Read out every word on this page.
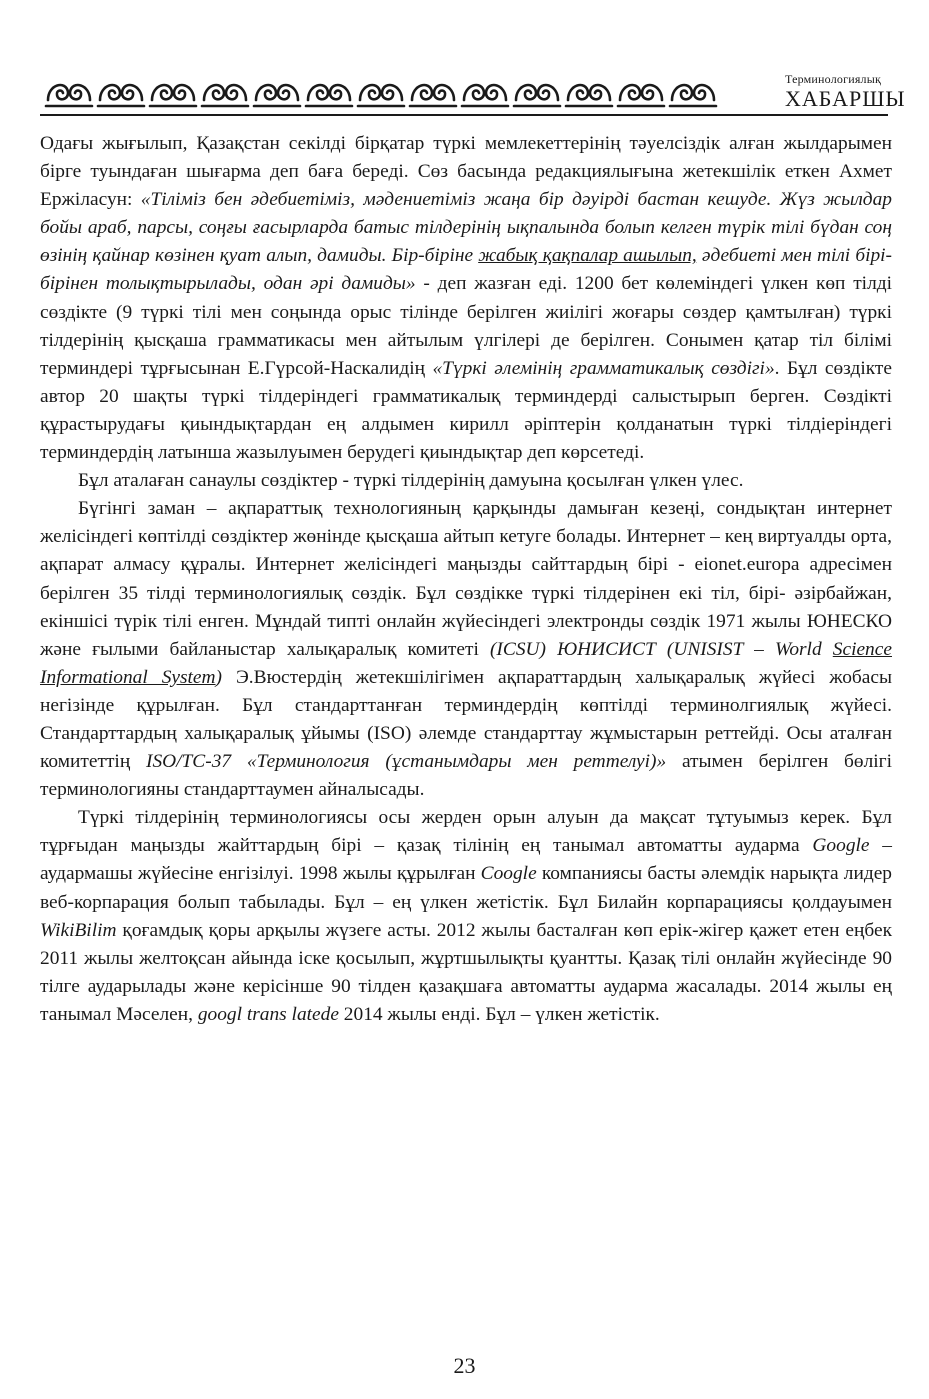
Терминологиялық
ХАБАРШЫ

Одағы жығылып, Қазақстан секілді бірқатар түркі мемлекеттерінің тәуелсіздік алған жылдарымен бірге туындаған шығарма деп баға береді. Сөз басында редакциялығына жетекшілік еткен Ахмет Ержіласун: «Тіліміз бен әдебиетіміз, мәдениетіміз жаңа бір дәуірді бастан кешуде. Жүз жылдар бойы араб, парсы, соңғы ғасырларда батыс тілдерінің ықпалында болып келген түрік тілі бүдан соң өзінің қайнар көзінен қуат алып, дамиды. Бір-біріне жабық қақпалар ашылып, әдебиеті мен тілі бірі-бірінен толықтырылады, одан әрі дамиды» - деп жазған еді. 1200 бет көлеміндегі үлкен көп тілді сөздікте (9 түркі тілі мен соңында орыс тілінде берілген жиілігі жоғары сөздер қамтылған) түркі тілдерінің қысқаша грамматикасы мен айтылым үлгілері де берілген. Сонымен қатар тіл білімі терминдері тұрғысынан Е.Гүрсой-Наскалидің «Түркі әлемінің грамматикалық сөздігі». Бұл сөздікте автор 20 шақты түркі тілдеріндегі грамматикалық терминдерді салыстырып берген. Сөздікті құрастырудағы қиындықтардан ең алдымен кирилл әріптерін қолданатын түркі тілдіеріндегі терминдердің латынша жазылуымен берудегі қиындықтар деп көрсетеді.

Бұл аталаған санаулы сөздіктер - түркі тілдерінің дамуына қосылған үлкен үлес.

Бүгінгі заман – ақпараттық технологияның қарқынды дамыған кезеңі, сондықтан интернет желісіндегі көптілді сөздіктер жөнінде қысқаша айтып кетуге болады. Интернет – кең виртуалды орта, ақпарат алмасу құралы. Интернет желісіндегі маңызды сайттардың бірі - eionet.europa адресімен берілген 35 тілді терминологиялық сөздік. Бұл сөздікке түркі тілдерінен екі тіл, бірі- әзірбайжан, екіншісі түрік тілі енген. Мұндай типті онлайн жүйесіндегі электронды сөздік 1971 жылы ЮНЕСКО және ғылыми байланыстар халықаралық комитеті (ICSU) ЮНИСИСТ (UNISIST – World Science Informational System) Э.Вюстердің жетекшілігімен ақпараттардың халықаралық жүйесі жобасы негізінде құрылған. Бұл стандарттанған терминдердің көптілді терминолгиялық жүйесі. Стандарттардың халықаралық ұйымы (ISO) әлемде стандарттау жұмыстарын реттейді. Осы аталған комитеттің ISO/TC-37 «Терминология (ұстанымдары мен реттелуі)» атымен берілген бөлігі терминологияны стандарттаумен айналысады.

Түркі тілдерінің терминологиясы осы жерден орын алуын да мақсат тұтуымыз керек. Бұл тұрғыдан маңызды жайттардың бірі – қазақ тілінің ең танымал автоматты аударма Google – аудармашы жүйесіне енгізілуі. 1998 жылы құрылған Coogle компаниясы басты әлемдік нарықта лидер веб-корпарация болып табылады. Бұл – ең үлкен жетістік. Бұл Билайн корпарациясы қолдауымен WikiBilim қоғамдық қоры арқылы жүзеге асты. 2012 жылы басталған көп ерік-жігер қажет етен еңбек 2011 жылы желтоқсан айында іске қосылып, жұртшылықты қуантты. Қазақ тілі онлайн жүйесінде 90 тілге аударылады және керісінше 90 тілден қазақшаға автоматты аударма жасалады. 2014 жылы ең танымал Мәселен, googl trans latede 2014 жылы енді. Бұл – үлкен жетістік.

23
